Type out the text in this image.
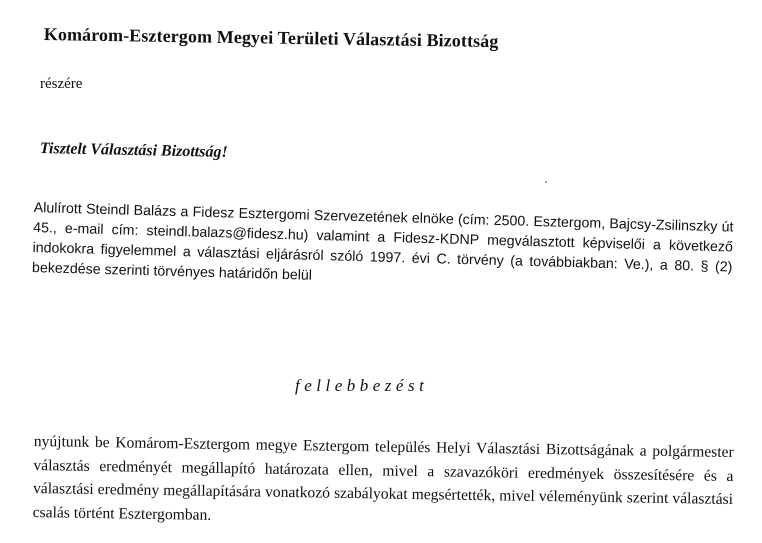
Komárom-Esztergom Megyei Területi Választási Bizottság
részére
Tisztelt Választási Bizottság!
Alulírott Steindl Balázs a Fidesz Esztergomi Szervezetének elnöke (cím: 2500. Esztergom, Bajcsy-Zsilinszky út 45., e-mail cím: steindl.balazs@fidesz.hu) valamint a Fidesz-KDNP megválasztott képviselői a következő indokokra figyelemmel a választási eljárásról szóló 1997. évi C. törvény (a továbbiakban: Ve.), a 80. § (2) bekezdése szerinti törvényes határidőn belül
fellebbezést
nyújtunk be Komárom-Esztergom megye Esztergom település Helyi Választási Bizottságának a polgármester választás eredményét megállapító határozata ellen, mivel a szavazóköri eredmények összesítésére és a választási eredmény megállapítására vonatkozó szabályokat megsértették, mivel véleményünk szerint választási csalás történt Esztergomban.
